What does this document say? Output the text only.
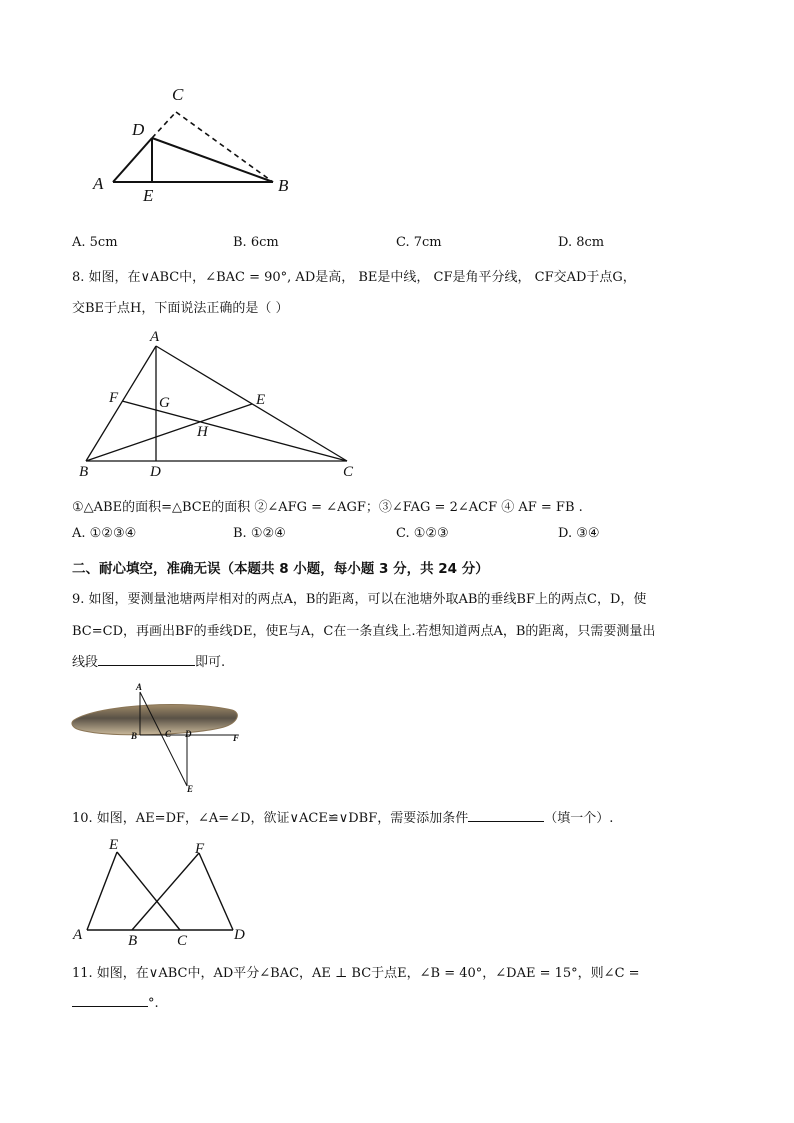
C
D
A
E
B
A. 5cm	B. 6cm	C. 7cm	D. 8cm
8. 如图，在∨ABC中，∠BAC = 90°, AD是高， BE是中线， CF是角平分线， CF交AD于点G，
交BE于点H，下面说法正确的是（ ）
A
F	G	E
H
B	D	C
①△ABE的面积=△BCE的面积 ②∠AFG = ∠AGF；③∠FAG = 2∠ACF ④ AF = FB .
A. ①②③④	B. ①②④	C. ①②③	D. ③④
二、耐心填空，准确无误（本题共 8 小题，每小题 3 分，共 24 分）
9. 如图，要测量池塘两岸相对的两点A，B的距离，可以在池塘外取AB的垂线BF上的两点C，D，使
BC=CD，再画出BF的垂线DE，使E与A，C在一条直线上.若想知道两点A，B的距离，只需要测量出
线段	即可.
A
B	C D	F
E
10. 如图，AE=DF，∠A=∠D，欲证∨ACE≌∨DBF，需要添加条件	（填一个）.
E	F
A	B	C	D
11. 如图，在∨ABC中，AD平分∠BAC，AE ⊥ BC于点E，∠B = 40°，∠DAE = 15°，则∠C =
°.
